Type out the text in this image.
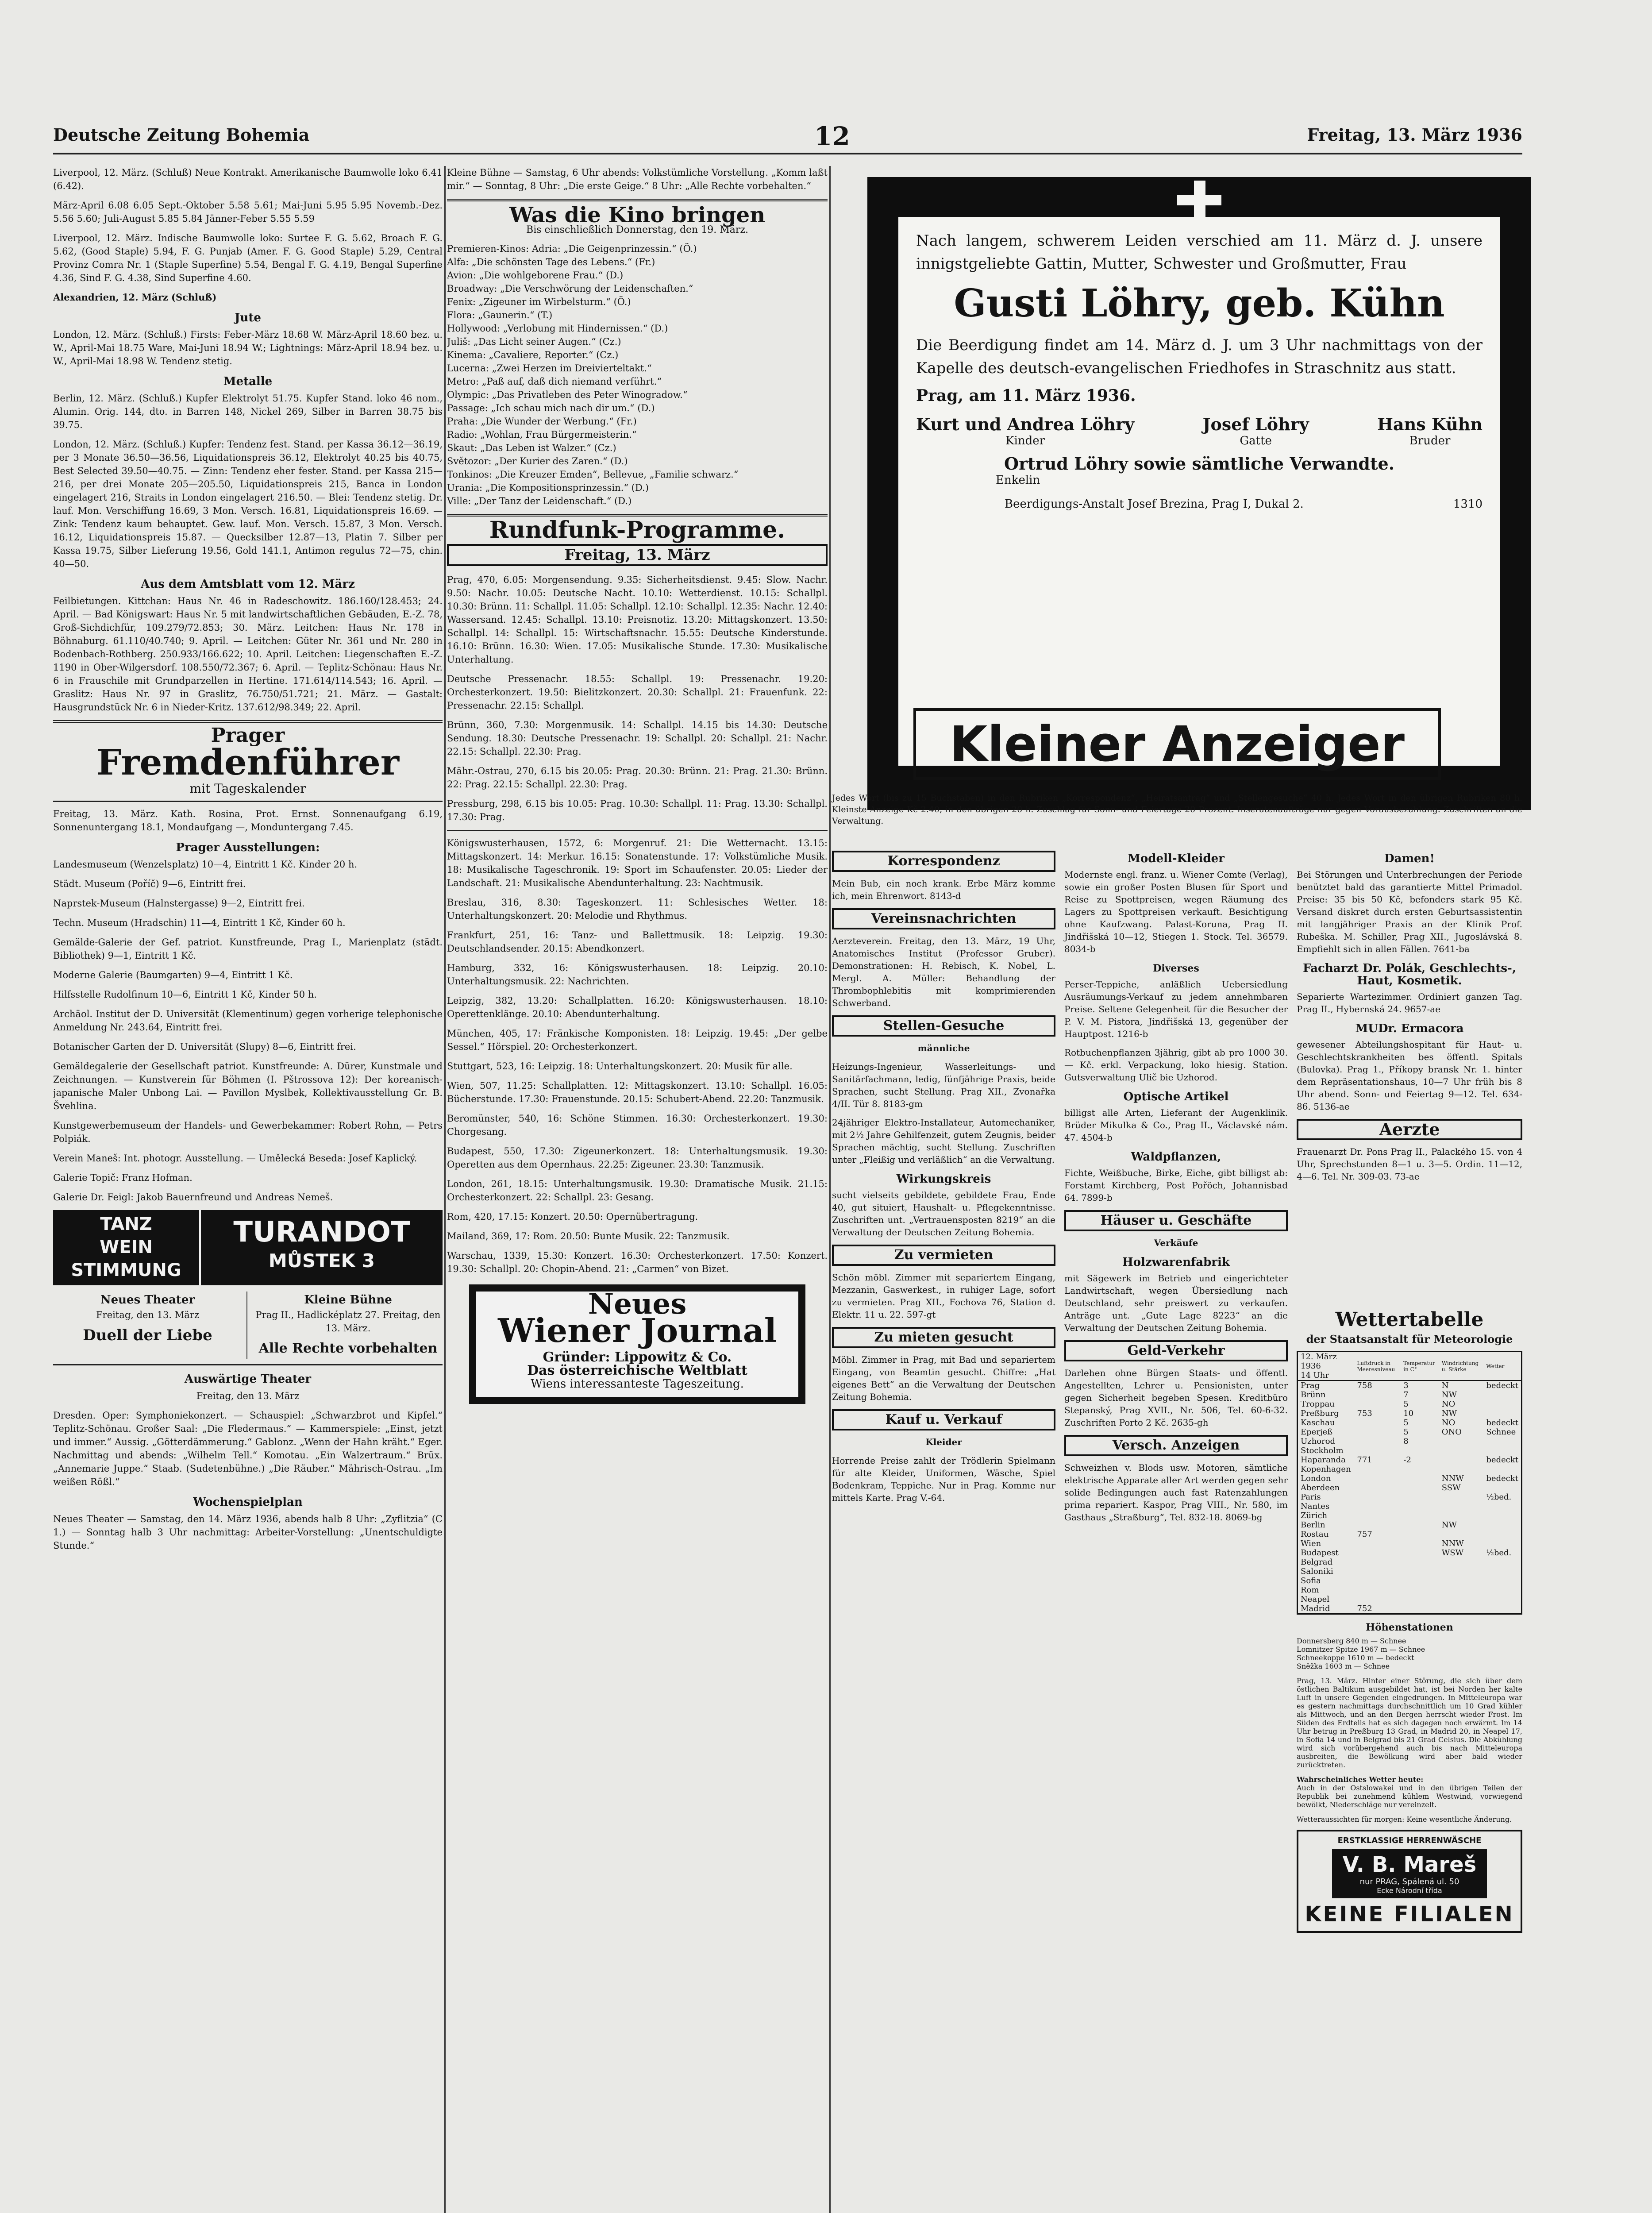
Deutsche Zeitung Bohemia	12	Freitag, 13. März 1936

Liverpool, 12. März. (Schluß) Neue Kontrakt. Amerikanische Baumwolle loko 6.41 (6.42).

März-April 6.08 6.05 Sept.-Oktober 5.58 5.61; Mai-Juni 5.95 5.95 Novemb.-Dez. 5.56 5.60; Juli-August 5.85 5.84 Jänner-Feber 5.55 5.59

Liverpool, 12. März. Indische Baumwolle loko: Surtee F. G. 5.62, Broach F. G. 5.62, (Good Staple) 5.94, F. G. Punjab (Amer. F. G. Good Staple) 5.29, Central Provinz Comra Nr. 1 (Staple Superfine) 5.54, Bengal F. G. 4.19, Bengal Superfine 4.36, Sind F. G. 4.38, Sind Superfine 4.60.

Alexandrien, 12. März (Schluß)

Jute

London, 12. März. (Schluß.) Firsts: Feber-März 18.68 W. März-April 18.60 bez. u. W., April-Mai 18.75 Ware, Mai-Juni 18.94 W.; Lightnings: März-April 18.94 bez. u. W., April-Mai 18.98 W. Tendenz stetig.

Metalle

Berlin, 12. März. (Schluß.) Kupfer Elektrolyt 51.75. Kupfer Stand. loko 46 nom., Alumin. Orig. 144, dto. in Barren 148, Nickel 269, Silber in Barren 38.75 bis 39.75.

London, 12. März. (Schluß.) Kupfer: Tendenz fest. Stand. per Kassa 36.12—36.19, per 3 Monate 36.50—36.56, Liquidationspreis 36.12, Elektrolyt 40.25 bis 40.75, Best Selected 39.50—40.75. — Zinn: Tendenz eher fester. Stand. per Kassa 215—216, per drei Monate 205—205.50, Liquidationspreis 215, Banca in London eingelagert 216, Straits in London eingelagert 216.50. — Blei: Tendenz stetig. Dr. lauf. Mon. Verschiffung 16.69, 3 Mon. Versch. 16.81, Liquidationspreis 16.69. — Zink: Tendenz kaum behauptet. Gew. lauf. Mon. Versch. 15.87, 3 Mon. Versch. 16.12, Liquidationspreis 15.87. — Quecksilber 12.87—13, Platin 7. Silber per Kassa 19.75, Silber Lieferung 19.56, Gold 141.1, Antimon regulus 72—75, chin. 40—50.

Aus dem Amtsblatt vom 12. März

Feilbietungen. Kittchan: Haus Nr. 46 in Radeschowitz. 186.160/128.453; 24. April. — Bad Königswart: Haus Nr. 5 mit landwirtschaftlichen Gebäuden, E.-Z. 78, Groß-Sichdichfür, 109.279/72.853; 30. März. Leitchen: Haus Nr. 178 in Böhnaburg. 61.110/40.740; 9. April. — Leitchen: Güter Nr. 361 und Nr. 280 in Bodenbach-Rothberg. 250.933/166.622; 10. April. Leitchen: Liegenschaften E.-Z. 1190 in Ober-Wilgersdorf. 108.550/72.367; 6. April. — Teplitz-Schönau: Haus Nr. 6 in Frauschile mit Grundparzellen in Hertine. 171.614/114.543; 16. April. — Graslitz: Haus Nr. 97 in Graslitz, 76.750/51.721; 21. März. — Gastalt: Hausgrundstück Nr. 6 in Nieder-Kritz. 137.612/98.349; 22. April.

Prager
Fremdenführer
mit Tageskalender

Freitag, 13. März. Kath. Rosina, Prot. Ernst. Sonnenaufgang 6.19, Sonnenuntergang 18.1, Mondaufgang —, Monduntergang 7.45.

Prager Ausstellungen:

Landesmuseum (Wenzelsplatz) 10—4, Eintritt 1 Kč. Kinder 20 h.

Städt. Museum (Poříč) 9—6, Eintritt frei.

Naprstek-Museum (Halnstergasse) 9—2, Eintritt frei.

Techn. Museum (Hradschin) 11—4, Eintritt 1 Kč, Kinder 60 h.

Gemälde-Galerie der Gef. patriot. Kunstfreunde, Prag I., Marienplatz (städt. Bibliothek) 9—1, Eintritt 1 Kč.

Moderne Galerie (Baumgarten) 9—4, Eintritt 1 Kč.

Hilfsstelle Rudolfinum 10—6, Eintritt 1 Kč, Kinder 50 h.

Archäol. Institut der D. Universität (Klementinum) gegen vorherige telephonische Anmeldung Nr. 243.64, Eintritt frei.

Botanischer Garten der D. Universität (Slupy) 8—6, Eintritt frei.

Gemäldegalerie der Gesellschaft patriot. Kunstfreunde: A. Dürer, Kunstmale und Zeichnungen. — Kunstverein für Böhmen (I. Pštrossova 12): Der koreanisch-japanische Maler Unbong Lai. — Pavillon Myslbek, Kollektivausstellung Gr. B. Švehlina.

Kunstgewerbemuseum der Handels- und Gewerbekammer: Robert Rohn, — Petrs Polpiák.

Verein Maneš: Int. photogr. Ausstellung. — Umělecká Beseda: Josef Kaplický.

Galerie Topič: Franz Hofman.

Galerie Dr. Feigl: Jakob Bauernfreund und Andreas Nemeš.

TANZ
WEIN
STIMMUNG
TURANDOT
MŮSTEK 3

Neues Theater

Freitag, den 13. März

Duell der Liebe

Kleine Bühne

Prag II., Hadlicképlatz 27. Freitag, den 13. März.

Alle Rechte vorbehalten

Auswärtige Theater

Freitag, den 13. März

Dresden. Oper: Symphoniekonzert. — Schauspiel: „Schwarzbrot und Kipfel.“ Teplitz-Schönau. Großer Saal: „Die Fledermaus.“ — Kammerspiele: „Einst, jetzt und immer.“ Aussig. „Götterdämmerung.“ Gablonz. „Wenn der Hahn kräht.“ Eger. Nachmittag und abends: „Wilhelm Tell.“ Komotau. „Ein Walzertraum.“ Brüx. „Annemarie Juppe.“ Staab. (Sudetenbühne.) „Die Räuber.“ Mährisch-Ostrau. „Im weißen Rößl.“

Wochenspielplan

Neues Theater — Samstag, den 14. März 1936, abends halb 8 Uhr: „Zyflitzia“ (C 1.) — Sonntag halb 3 Uhr nachmittag: Arbeiter-Vorstellung: „Unentschuldigte Stunde.“

Kleine Bühne — Samstag, 6 Uhr abends: Volkstümliche Vorstellung. „Komm laßt mir.“ — Sonntag, 8 Uhr: „Die erste Geige.“ 8 Uhr: „Alle Rechte vorbehalten.“

Was die Kino bringen

Bis einschließlich Donnerstag, den 19. März.

Premieren-Kinos: Adria: „Die Geigenprinzessin.“ (Ö.)

Alfa: „Die schönsten Tage des Lebens.“ (Fr.)

Avion: „Die wohlgeborene Frau.“ (D.)

Broadway: „Die Verschwörung der Leidenschaften.“

Fenix: „Zigeuner im Wirbelsturm.“ (Ö.)

Flora: „Gaunerin.“ (T.)

Hollywood: „Verlobung mit Hindernissen.“ (D.)

Juliš: „Das Licht seiner Augen.“ (Cz.)

Kinema: „Cavaliere, Reporter.“ (Cz.)

Lucerna: „Zwei Herzen im Dreivierteltakt.“

Metro: „Paß auf, daß dich niemand verführt.“

Olympic: „Das Privatleben des Peter Winogradow.“

Passage: „Ich schau mich nach dir um.“ (D.)

Praha: „Die Wunder der Werbung.“ (Fr.)

Radio: „Wohlan, Frau Bürgermeisterin.“

Skaut: „Das Leben ist Walzer.“ (Cz.)

Světozor: „Der Kurier des Zaren.“ (D.)

Tonkinos: „Die Kreuzer Emden“, Bellevue, „Familie schwarz.“

Urania: „Die Kompositionsprinzessin.“ (D.)

Ville: „Der Tanz der Leidenschaft.“ (D.)

Rundfunk-Programme.

Freitag, 13. März

Prag, 470, 6.05: Morgensendung. 9.35: Sicherheitsdienst. 9.45: Slow. Nachr. 9.50: Nachr. 10.05: Deutsche Nacht. 10.10: Wetterdienst. 10.15: Schallpl. 10.30: Brünn. 11: Schallpl. 11.05: Schallpl. 12.10: Schallpl. 12.35: Nachr. 12.40: Wassersand. 12.45: Schallpl. 13.10: Preisnotiz. 13.20: Mittagskonzert. 13.50: Schallpl. 14: Schallpl. 15: Wirtschaftsnachr. 15.55: Deutsche Kinderstunde. 16.10: Brünn. 16.30: Wien. 17.05: Musikalische Stunde. 17.30: Musikalische Unterhaltung.

Deutsche Pressenachr. 18.55: Schallpl. 19: Pressenachr. 19.20: Orchesterkonzert. 19.50: Bielitzkonzert. 20.30: Schallpl. 21: Frauenfunk. 22: Pressenachr. 22.15: Schallpl.

Brünn, 360, 7.30: Morgenmusik. 14: Schallpl. 14.15 bis 14.30: Deutsche Sendung. 18.30: Deutsche Pressenachr. 19: Schallpl. 20: Schallpl. 21: Nachr. 22.15: Schallpl. 22.30: Prag.

Mähr.-Ostrau, 270, 6.15 bis 20.05: Prag. 20.30: Brünn. 21: Prag. 21.30: Brünn. 22: Prag. 22.15: Schallpl. 22.30: Prag.

Pressburg, 298, 6.15 bis 10.05: Prag. 10.30: Schallpl. 11: Prag. 13.30: Schallpl. 17.30: Prag.

Königswusterhausen, 1572, 6: Morgenruf. 21: Die Wetternacht. 13.15: Mittagskonzert. 14: Merkur. 16.15: Sonatenstunde. 17: Volkstümliche Musik. 18: Musikalische Tageschronik. 19: Sport im Schaufenster. 20.05: Lieder der Landschaft. 21: Musikalische Abendunterhaltung. 23: Nachtmusik.

Breslau, 316, 8.30: Tageskonzert. 11: Schlesisches Wetter. 18: Unterhaltungskonzert. 20: Melodie und Rhythmus.

Frankfurt, 251, 16: Tanz- und Ballettmusik. 18: Leipzig. 19.30: Deutschlandsender. 20.15: Abendkonzert.

Hamburg, 332, 16: Königswusterhausen. 18: Leipzig. 20.10: Unterhaltungsmusik. 22: Nachrichten.

Leipzig, 382, 13.20: Schallplatten. 16.20: Königswusterhausen. 18.10: Operettenklänge. 20.10: Abendunterhaltung.

München, 405, 17: Fränkische Komponisten. 18: Leipzig. 19.45: „Der gelbe Sessel.“ Hörspiel. 20: Orchesterkonzert.

Stuttgart, 523, 16: Leipzig. 18: Unterhaltungskonzert. 20: Musik für alle.

Wien, 507, 11.25: Schallplatten. 12: Mittagskonzert. 13.10: Schallpl. 16.05: Bücherstunde. 17.30: Frauenstunde. 20.15: Schubert-Abend. 22.20: Tanzmusik.

Beromünster, 540, 16: Schöne Stimmen. 16.30: Orchesterkonzert. 19.30: Chorgesang.

Budapest, 550, 17.30: Zigeunerkonzert. 18: Unterhaltungsmusik. 19.30: Operetten aus dem Opernhaus. 22.25: Zigeuner. 23.30: Tanzmusik.

London, 261, 18.15: Unterhaltungsmusik. 19.30: Dramatische Musik. 21.15: Orchesterkonzert. 22: Schallpl. 23: Gesang.

Rom, 420, 17.15: Konzert. 20.50: Opernübertragung.

Mailand, 369, 17: Rom. 20.50: Bunte Musik. 22: Tanzmusik.

Warschau, 1339, 15.30: Konzert. 16.30: Orchesterkonzert. 17.50: Konzert. 19.30: Schallpl. 20: Chopin-Abend. 21: „Carmen“ von Bizet.

Neues
Wiener Journal
Gründer: Lippowitz & Co.
Das österreichische Weltblatt
Wiens interessanteste Tageszeitung.

Nach langem, schwerem Leiden verschied am 11. März d. J. unsere innigstgeliebte Gattin, Mutter, Schwester und Großmutter, Frau

Gusti Löhry, geb. Kühn

Die Beerdigung findet am 14. März d. J. um 3 Uhr nachmittags von der Kapelle des deutsch-evangelischen Friedhofes in Straschnitz aus statt.

Prag, am 11. März 1936.

Kurt und Andrea Löhry
Kinder
Josef Löhry
Gatte
Hans Kühn
Bruder
Ortrud Löhry sowie sämtliche Verwandte.
Enkelin
Beerdigungs-Anstalt Josef Brezina, Prag I, Dukal 2.	1310
Kleiner Anzeiger

Jedes Wort (bis zu 15 Buchstaben) in den Rubriken „Korrespondenz“, „Heiratsantrag“ und „Stellengesuche“ 40 h. Jedes Wort in den übrigen Rubriken 80 h. Kleinste Anzeige Kč 2.40, in den übrigen 20 h. Zuschlag für Sonn- und Feiertage 20 Prozent. Inseratenaufträge nur gegen Vorausbezahlung. Zuschriften an die Verwaltung.

Korrespondenz

Mein Bub, ein noch krank. Erbe März komme ich, mein Ehrenwort. 8143-d

Vereinsnachrichten

Aerzteverein. Freitag, den 13. März, 19 Uhr, Anatomisches Institut (Professor Gruber). Demonstrationen: H. Rebisch, K. Nobel, L. Mergl. A. Müller: Behandlung der Thrombophlebitis mit komprimierenden Schwerband.

Stellen-Gesuche

männliche

Heizungs-Ingenieur, Wasserleitungs- und Sanitärfachmann, ledig, fünfjährige Praxis, beide Sprachen, sucht Stellung. Prag XII., Zvonařka 4/II. Tür 8. 8183-gm

24jähriger Elektro-Installateur, Automechaniker, mit 2½ Jahre Gehilfenzeit, gutem Zeugnis, beider Sprachen mächtig, sucht Stellung. Zuschriften unter „Fleißig und verläßlich“ an die Verwaltung.

Wirkungskreis

sucht vielseits gebildete, gebildete Frau, Ende 40, gut situiert, Haushalt- u. Pflegekenntnisse. Zuschriften unt. „Vertrauensposten 8219“ an die Verwaltung der Deutschen Zeitung Bohemia.

Zu vermieten

Schön möbl. Zimmer mit separiertem Eingang, Mezzanin, Gaswerkest., in ruhiger Lage, sofort zu vermieten. Prag XII., Fochova 76, Station d. Elektr. 11 u. 22. 597-gt

Zu mieten gesucht

Möbl. Zimmer in Prag, mit Bad und separiertem Eingang, von Beamtin gesucht. Chiffre: „Hat eigenes Bett“ an die Verwaltung der Deutschen Zeitung Bohemia.

Kauf u. Verkauf

Kleider

Horrende Preise zahlt der Trödlerin Spielmann für alte Kleider, Uniformen, Wäsche, Spiel Bodenkram, Teppiche. Nur in Prag. Komme nur mittels Karte. Prag V.-64.

Modell-Kleider

Modernste engl. franz. u. Wiener Comte (Verlag), sowie ein großer Posten Blusen für Sport und Reise zu Spottpreisen, wegen Räumung des Lagers zu Spottpreisen verkauft. Besichtigung ohne Kaufzwang. Palast-Koruna, Prag II. Jindřišská 10—12, Stiegen 1. Stock. Tel. 36579. 8034-b

Diverses

Perser-Teppiche, anläßlich Uebersiedlung Ausräumungs-Verkauf zu jedem annehmbaren Preise. Seltene Gelegenheit für die Besucher der P. V. M. Pistora, Jindřišská 13, gegenüber der Hauptpost. 1216-b

Rotbuchenpflanzen 3jährig, gibt ab pro 1000 30.— Kč. erkl. Verpackung, loko hiesig. Station. Gutsverwaltung Ulič bie Uzhorod.

Optische Artikel

billigst alle Arten, Lieferant der Augenklinik. Brüder Mikulka & Co., Prag II., Václavské nám. 47. 4504-b

Waldpflanzen,

Fichte, Weißbuche, Birke, Eiche, gibt billigst ab: Forstamt Kirchberg, Post Pořöch, Johannisbad 64. 7899-b

Häuser u. Geschäfte

Verkäufe

Holzwarenfabrik

mit Sägewerk im Betrieb und eingerichteter Landwirtschaft, wegen Übersiedlung nach Deutschland, sehr preiswert zu verkaufen. Anträge unt. „Gute Lage 8223“ an die Verwaltung der Deutschen Zeitung Bohemia.

Geld-Verkehr

Darlehen ohne Bürgen Staats- und öffentl. Angestellten, Lehrer u. Pensionisten, unter gegen Sicherheit begeben Spesen. Kreditbüro Stepanský, Prag XVII., Nr. 506, Tel. 60-6-32. Zuschriften Porto 2 Kč. 2635-gh

Versch. Anzeigen

Schweizhen v. Blods usw. Motoren, sämtliche elektrische Apparate aller Art werden gegen sehr solide Bedingungen auch fast Ratenzahlungen prima repariert. Kaspor, Prag VIII., Nr. 580, im Gasthaus „Straßburg“, Tel. 832-18. 8069-bg

Damen!

Bei Störungen und Unterbrechungen der Periode benütztet bald das garantierte Mittel Primadol. Preise: 35 bis 50 Kč, befonders stark 95 Kč. Versand diskret durch ersten Geburtsassistentin mit langjähriger Praxis an der Klinik Prof. Rubeška. M. Schiller, Prag XII., Jugoslávská 8. Empfiehlt sich in allen Fällen. 7641-ba

Facharzt Dr. Polák, Geschlechts-, Haut, Kosmetik.

Separierte Wartezimmer. Ordiniert ganzen Tag. Prag II., Hybernská 24. 9657-ae

MUDr. Ermacora

gewesener Abteilungshospitant für Haut- u. Geschlechtskrankheiten bes öffentl. Spitals (Bulovka). Prag 1., Příkopy bransk Nr. 1. hinter dem Repräsentationshaus, 10—7 Uhr früh bis 8 Uhr abend. Sonn- und Feiertag 9—12. Tel. 634-86. 5136-ae

Aerzte

Frauenarzt Dr. Pons Prag II., Palackého 15. von 4 Uhr, Sprechstunden 8—1 u. 3—5. Ordin. 11—12, 4—6. Tel. Nr. 309-03. 73-ae

Wettertabelle
der Staatsanstalt für Meteorologie
12. März 1936
14 Uhr	Luftdruck in Meeresniveau	Temperatur in C°	Windrichtung u. Stärke	Wetter
Prag	758	3	N	bedeckt
Brünn		7	NW	
Troppau		5	NO	
Preßburg	753	10	NW	
Kaschau		5	NO	bedeckt
Eperjeß		5	ONO	Schnee
Uzhorod		8		
Stockholm				
Haparanda	771	-2		bedeckt
Kopenhagen				
London			NNW	bedeckt
Aberdeen			SSW	
Paris				½bed.
Nantes				
Zürich				
Berlin			NW	
Rostau	757			
Wien			NNW	
Budapest			WSW	½bed.
Belgrad				
Saloniki				
Sofia				
Rom				
Neapel				
Madrid	752			

Höhenstationen

Donnersberg 840 m — Schnee

Lomnitzer Spitze 1967 m — Schnee

Schneekoppe 1610 m — bedeckt

Sněžka 1603 m — Schnee

Prag, 13. März. Hinter einer Störung, die sich über dem östlichen Baltikum ausgebildet hat, ist bei Norden her kalte Luft in unsere Gegenden eingedrungen. In Mitteleuropa war es gestern nachmittags durchschnittlich um 10 Grad kühler als Mittwoch, und an den Bergen herrscht wieder Frost. Im Süden des Erdteils hat es sich dagegen noch erwärmt. Im 14 Uhr betrug in Preßburg 13 Grad, in Madrid 20, in Neapel 17, in Sofia 14 und in Belgrad bis 21 Grad Celsius. Die Abkühlung wird sich vorübergehend auch bis nach Mitteleuropa ausbreiten, die Bewölkung wird aber bald wieder zurücktreten.

Wahrscheinliches Wetter heute:

Auch in der Ostslowakei und in den übrigen Teilen der Republik bei zunehmend kühlem Westwind, vorwiegend bewölkt, Niederschläge nur vereinzelt.

Wetteraussichten für morgen: Keine wesentliche Änderung.

ERSTKLASSIGE HERRENWÄSCHE
V. B. Mareš
nur PRAG, Spálená ul. 50
Ecke Národní třída
KEINE FILIALEN
